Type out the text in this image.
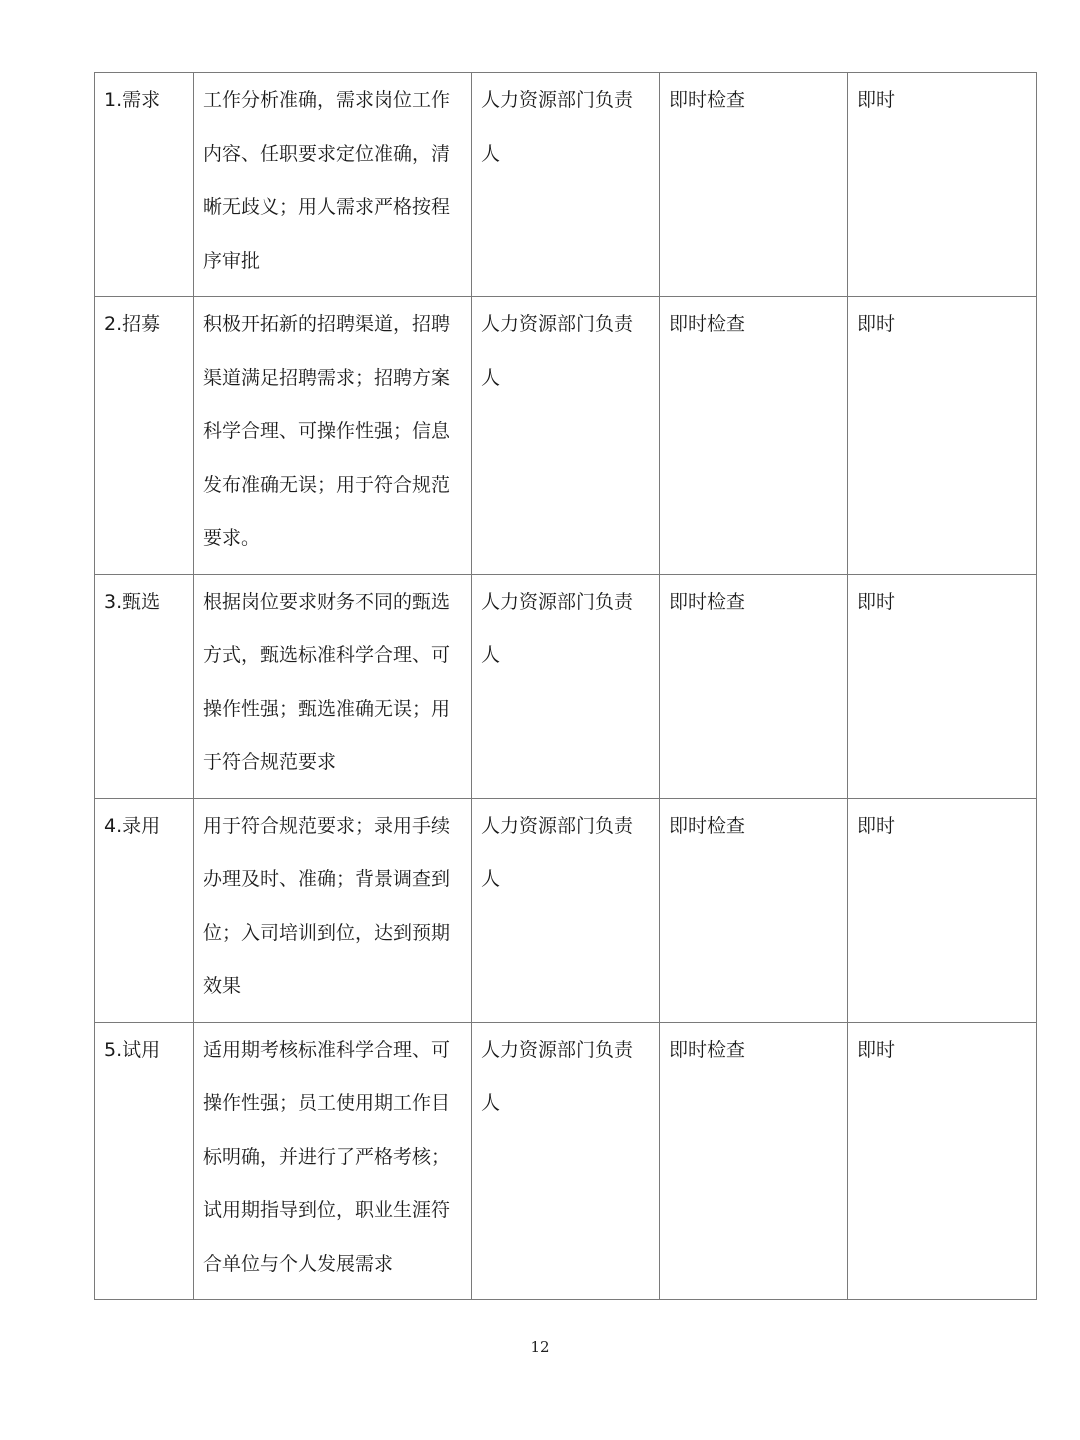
1.需求	工作分析准确，需求岗位工作内容、任职要求定位准确，清晰无歧义；用人需求严格按程序审批	人力资源部门负责人	即时检查	即时

2.招募	积极开拓新的招聘渠道，招聘渠道满足招聘需求；招聘方案科学合理、可操作性强；信息发布准确无误；用于符合规范要求。	人力资源部门负责人	即时检查	即时

3.甄选	根据岗位要求财务不同的甄选方式，甄选标准科学合理、可操作性强；甄选准确无误；用于符合规范要求	人力资源部门负责人	即时检查	即时

4.录用	用于符合规范要求；录用手续办理及时、准确；背景调查到位；入司培训到位，达到预期效果	人力资源部门负责人	即时检查	即时

5.试用	适用期考核标准科学合理、可操作性强；员工使用期工作目标明确，并进行了严格考核；试用期指导到位，职业生涯符合单位与个人发展需求	人力资源部门负责人	即时检查	即时
12
